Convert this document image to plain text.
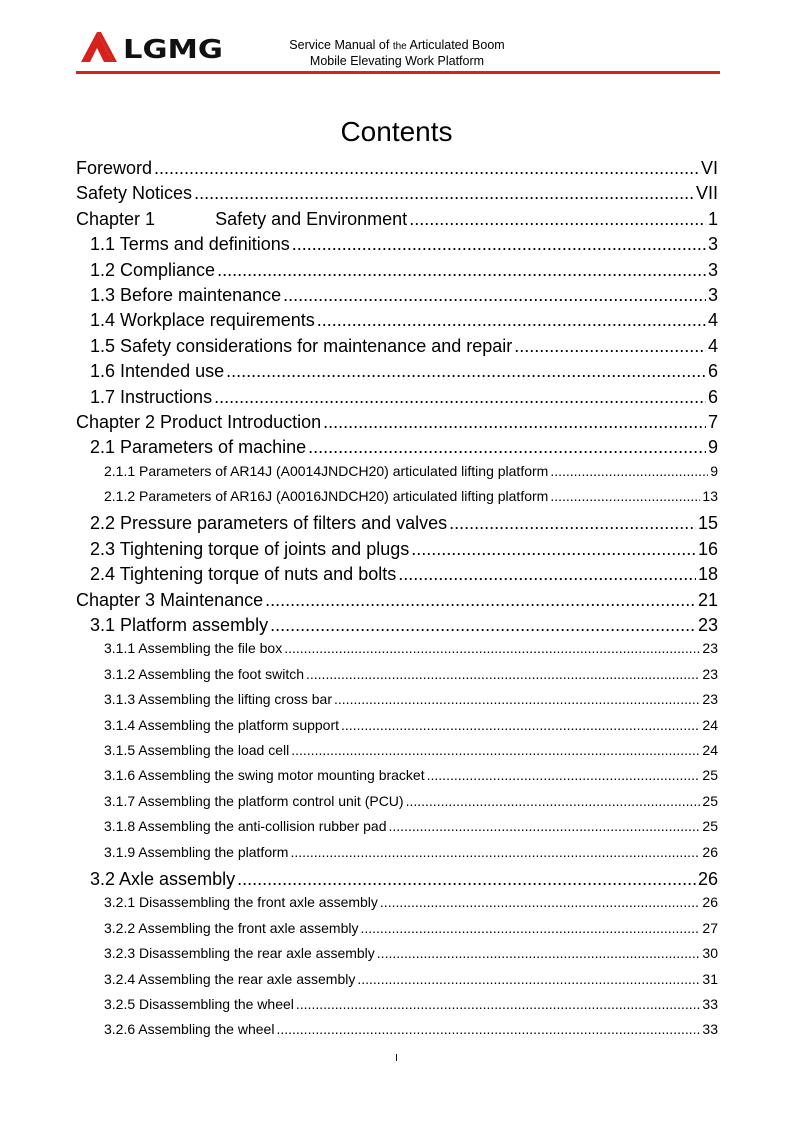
LGMG	Service Manual of the Articulated Boom
Mobile Elevating Work Platform
Contents
Foreword .....	VI
Safety Notices .....	VII
Chapter 1	Safety and Environment .....	1
1.1 Terms and definitions .....	3
1.2 Compliance .....	3
1.3 Before maintenance .....	3
1.4 Workplace requirements .....	4
1.5 Safety considerations for maintenance and repair .....	4
1.6 Intended use .....	6
1.7 Instructions .....	6
Chapter 2 Product Introduction .....	7
2.1 Parameters of machine .....	9
2.1.1 Parameters of AR14J (A0014JNDCH20) articulated lifting platform .....	9
2.1.2 Parameters of AR16J (A0016JNDCH20) articulated lifting platform .....	13
2.2 Pressure parameters of filters and valves .....	15
2.3 Tightening torque of joints and plugs .....	16
2.4 Tightening torque of nuts and bolts .....	18
Chapter 3 Maintenance .....	21
3.1 Platform assembly .....	23
3.1.1 Assembling the file box .....	23
3.1.2 Assembling the foot switch .....	23
3.1.3 Assembling the lifting cross bar .....	23
3.1.4 Assembling the platform support .....	24
3.1.5 Assembling the load cell .....	24
3.1.6 Assembling the swing motor mounting bracket .....	25
3.1.7 Assembling the platform control unit (PCU) .....	25
3.1.8 Assembling the anti-collision rubber pad .....	25
3.1.9 Assembling the platform .....	26
3.2 Axle assembly .....	26
3.2.1 Disassembling the front axle assembly .....	26
3.2.2 Assembling the front axle assembly .....	27
3.2.3 Disassembling the rear axle assembly .....	30
3.2.4 Assembling the rear axle assembly .....	31
3.2.5 Disassembling the wheel .....	33
3.2.6 Assembling the wheel .....	33
I
